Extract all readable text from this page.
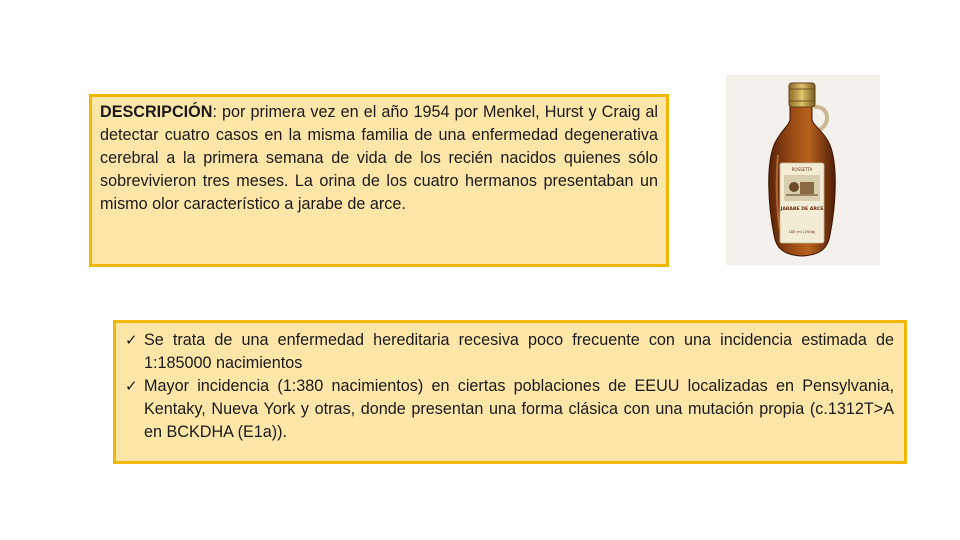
DESCRIPCIÓN: por primera vez en el año 1954 por Menkel, Hurst y Craig al detectar cuatro casos en la misma familia de una enfermedad degenerativa cerebral a la primera semana de vida de los recién nacidos quienes sólo sobrevivieron tres meses. La orina de los cuatro hermanos presentaban un mismo olor característico a jarabe de arce.

ROSSETTA
JARABE DE ARCE
185 ml (250g)
✓ Se trata de una enfermedad hereditaria recesiva poco frecuente con una incidencia estimada de 1:185000 nacimientos
✓ Mayor incidencia (1:380 nacimientos) en ciertas poblaciones de EEUU localizadas en Pensylvania, Kentaky, Nueva York y otras, donde presentan una forma clásica con una mutación propia (c.1312T>A en BCKDHA (E1a)).
